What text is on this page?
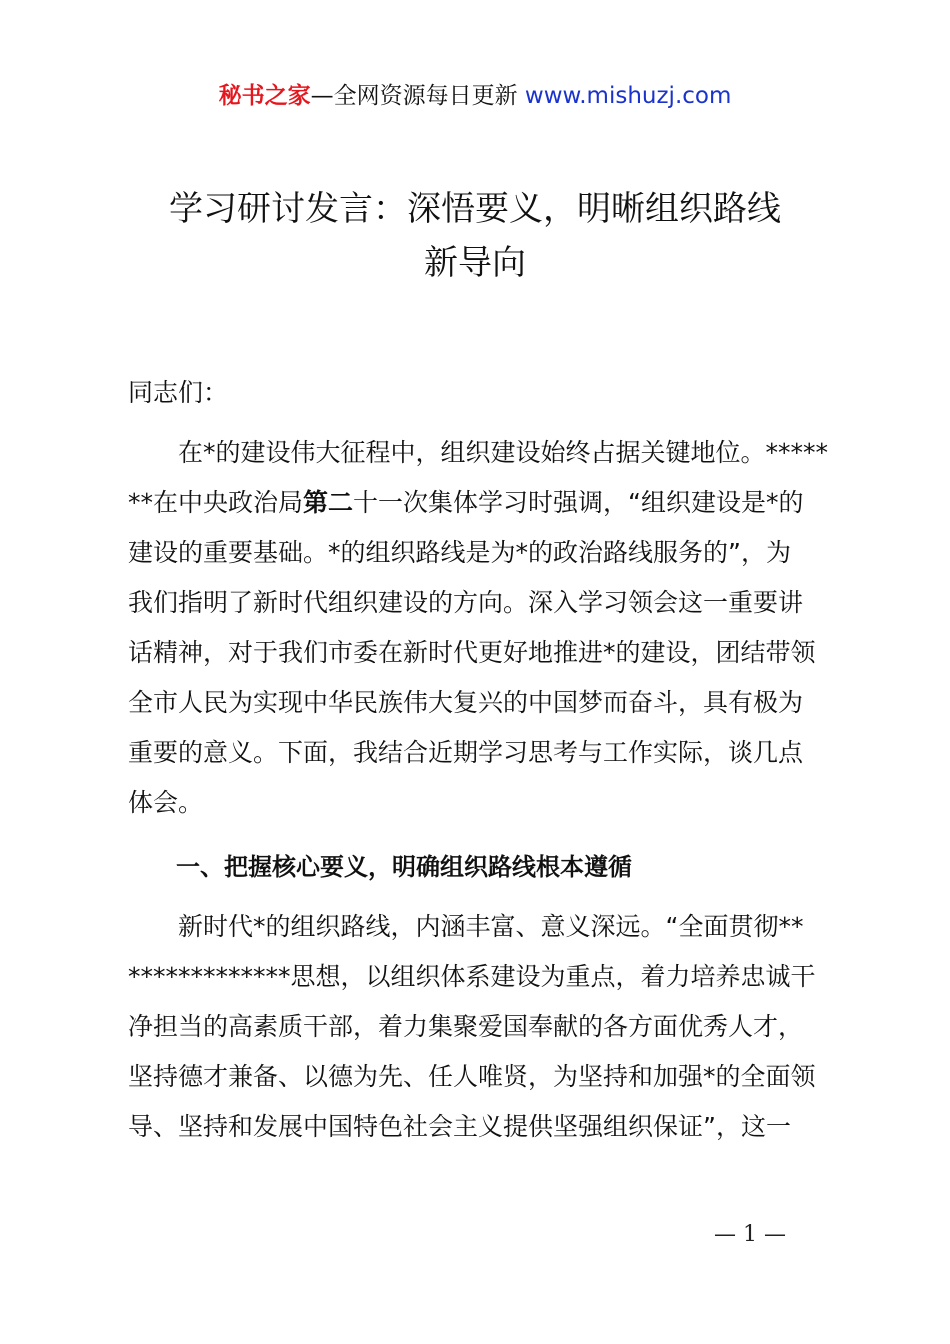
秘书之家—全网资源每日更新 www.mishuzj.com
学习研讨发言：深悟要义，明晰组织路线
新导向
同志们：
　　在*的建设伟大征程中，组织建设始终占据关键地位。*****
**在中央政治局第二十一次集体学习时强调，“组织建设是*的
建设的重要基础。*的组织路线是为*的政治路线服务的”，为
我们指明了新时代组织建设的方向。深入学习领会这一重要讲
话精神，对于我们市委在新时代更好地推进*的建设，团结带领
全市人民为实现中华民族伟大复兴的中国梦而奋斗，具有极为
重要的意义。下面，我结合近期学习思考与工作实际，谈几点
体会。
　　一、把握核心要义，明确组织路线根本遵循
　　新时代*的组织路线，内涵丰富、意义深远。“全面贯彻**
*************思想，以组织体系建设为重点，着力培养忠诚干
净担当的高素质干部，着力集聚爱国奉献的各方面优秀人才，
坚持德才兼备、以德为先、任人唯贤，为坚持和加强*的全面领
导、坚持和发展中国特色社会主义提供坚强组织保证”，这一
— 1 —
